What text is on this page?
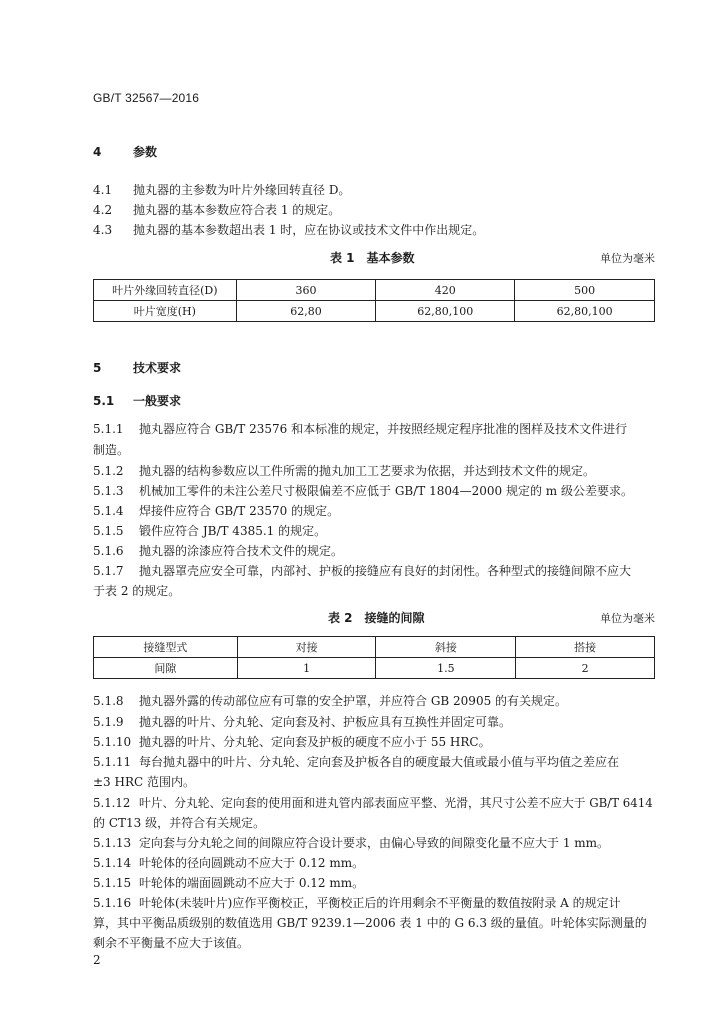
GB/T 32567—2016
4	参数
4.1 抛丸器的主参数为叶片外缘回转直径 D。
4.2 抛丸器的基本参数应符合表 1 的规定。
4.3 抛丸器的基本参数超出表 1 时，应在协议或技术文件中作出规定。
表 1　基本参数	单位为毫米
叶片外缘回转直径(D)	360	420	500
叶片宽度(H)	62,80	62,80,100	62,80,100
5	技术要求
5.1 一般要求
5.1.1 抛丸器应符合 GB/T 23576 和本标准的规定，并按照经规定程序批准的图样及技术文件进行
制造。
5.1.2 抛丸器的结构参数应以工件所需的抛丸加工工艺要求为依据，并达到技术文件的规定。
5.1.3 机械加工零件的未注公差尺寸极限偏差不应低于 GB/T 1804—2000 规定的 m 级公差要求。
5.1.4 焊接件应符合 GB/T 23570 的规定。
5.1.5 锻件应符合 JB/T 4385.1 的规定。
5.1.6 抛丸器的涂漆应符合技术文件的规定。
5.1.7 抛丸器罩壳应安全可靠，内部衬、护板的接缝应有良好的封闭性。各种型式的接缝间隙不应大
于表 2 的规定。
表 2　接缝的间隙	单位为毫米
接缝型式	对接	斜接	搭接
间隙	1	1.5	2
5.1.8 抛丸器外露的传动部位应有可靠的安全护罩，并应符合 GB 20905 的有关规定。
5.1.9 抛丸器的叶片、分丸轮、定向套及衬、护板应具有互换性并固定可靠。
5.1.10 抛丸器的叶片、分丸轮、定向套及护板的硬度不应小于 55 HRC。
5.1.11 每台抛丸器中的叶片、分丸轮、定向套及护板各自的硬度最大值或最小值与平均值之差应在
±3 HRC 范围内。
5.1.12 叶片、分丸轮、定向套的使用面和进丸管内部表面应平整、光滑，其尺寸公差不应大于 GB/T 6414
的 CT13 级，并符合有关规定。
5.1.13 定向套与分丸轮之间的间隙应符合设计要求，由偏心导致的间隙变化量不应大于 1 mm。
5.1.14 叶轮体的径向圆跳动不应大于 0.12 mm。
5.1.15 叶轮体的端面圆跳动不应大于 0.12 mm。
5.1.16 叶轮体(未装叶片)应作平衡校正，平衡校正后的许用剩余不平衡量的数值按附录 A 的规定计
算，其中平衡品质级别的数值选用 GB/T 9239.1—2006 表 1 中的 G 6.3 级的量值。叶轮体实际测量的
剩余不平衡量不应大于该值。
2
